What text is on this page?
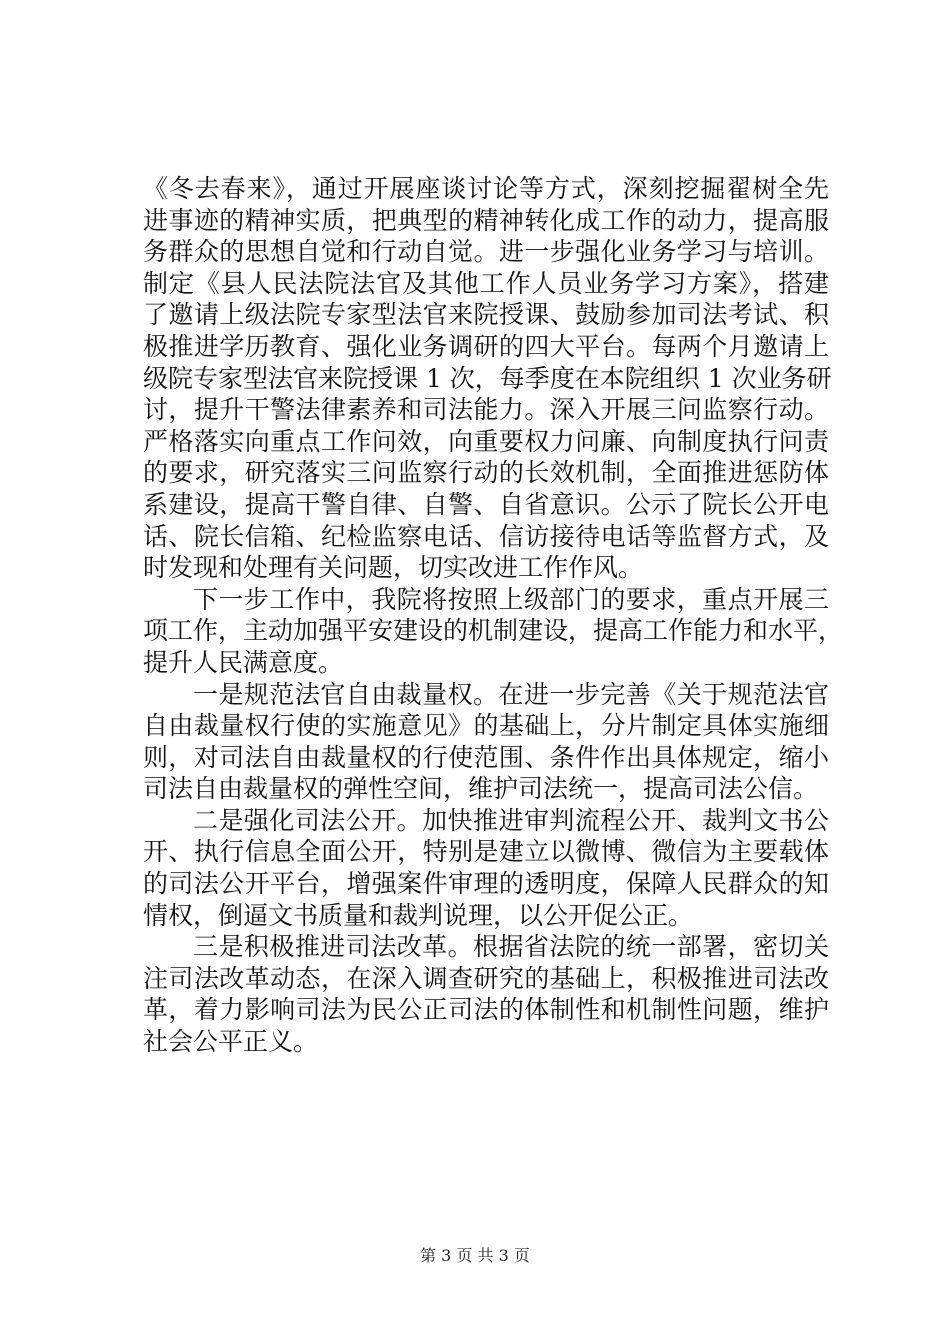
《冬去春来》，通过开展座谈讨论等方式，深刻挖掘翟树全先
进事迹的精神实质，把典型的精神转化成工作的动力，提高服
务群众的思想自觉和行动自觉。进一步强化业务学习与培训。
制定《县人民法院法官及其他工作人员业务学习方案》，搭建
了邀请上级法院专家型法官来院授课、鼓励参加司法考试、积
极推进学历教育、强化业务调研的四大平台。每两个月邀请上
级院专家型法官来院授课 1 次，每季度在本院组织 1 次业务研
讨，提升干警法律素养和司法能力。深入开展三问监察行动。
严格落实向重点工作问效，向重要权力问廉、向制度执行问责
的要求，研究落实三问监察行动的长效机制，全面推进惩防体
系建设，提高干警自律、自警、自省意识。公示了院长公开电
话、院长信箱、纪检监察电话、信访接待电话等监督方式，及
时发现和处理有关问题，切实改进工作作风。
下一步工作中，我院将按照上级部门的要求，重点开展三
项工作，主动加强平安建设的机制建设，提高工作能力和水平，
提升人民满意度。
一是规范法官自由裁量权。在进一步完善《关于规范法官
自由裁量权行使的实施意见》的基础上，分片制定具体实施细
则，对司法自由裁量权的行使范围、条件作出具体规定，缩小
司法自由裁量权的弹性空间，维护司法统一，提高司法公信。
二是强化司法公开。加快推进审判流程公开、裁判文书公
开、执行信息全面公开，特别是建立以微博、微信为主要载体
的司法公开平台，增强案件审理的透明度，保障人民群众的知
情权，倒逼文书质量和裁判说理，以公开促公正。
三是积极推进司法改革。根据省法院的统一部署，密切关
注司法改革动态，在深入调查研究的基础上，积极推进司法改
革，着力影响司法为民公正司法的体制性和机制性问题，维护
社会公平正义。
第 3 页 共 3 页
